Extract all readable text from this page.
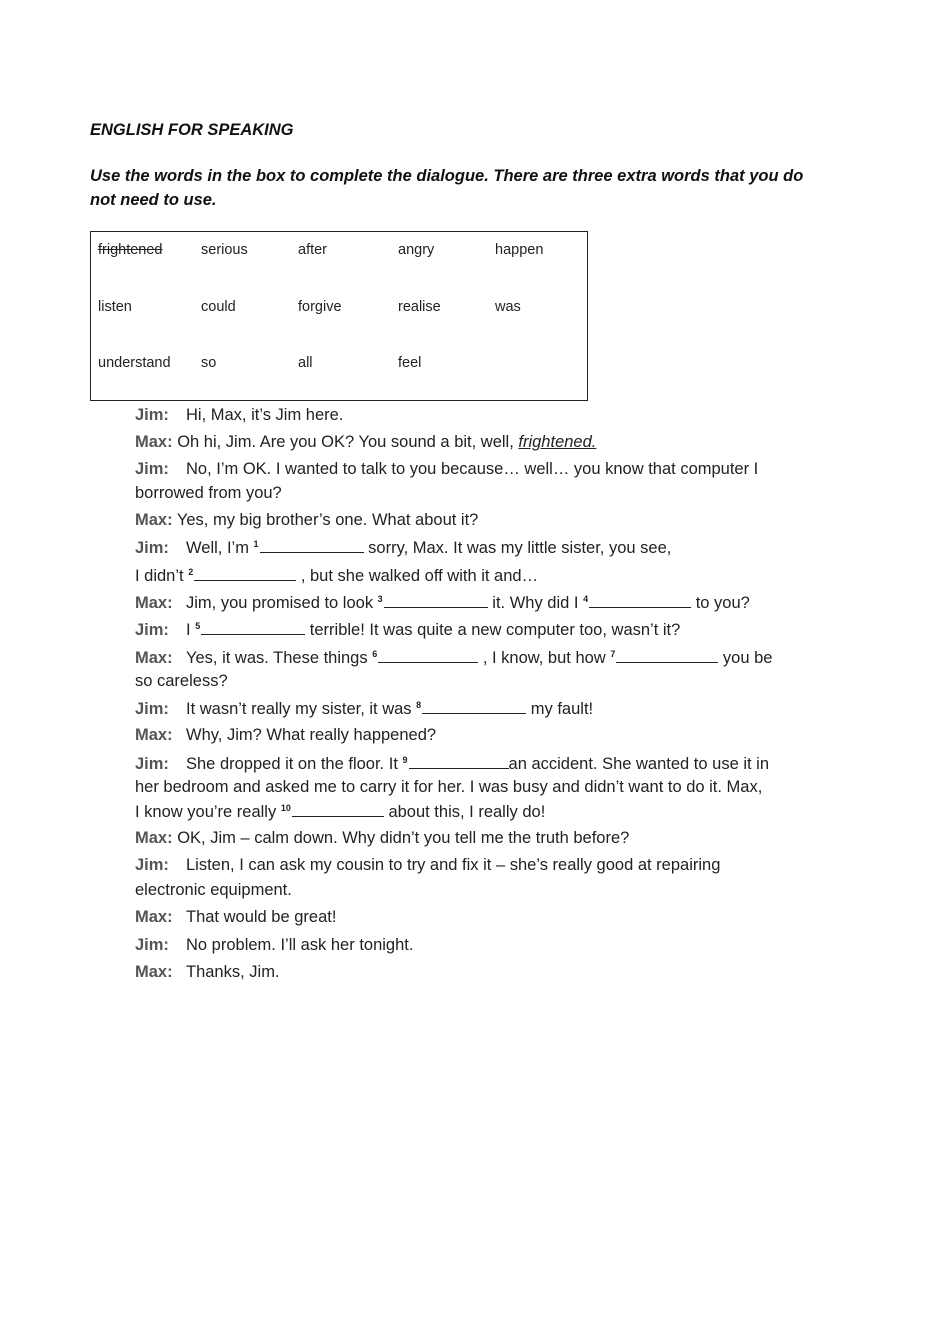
ENGLISH FOR SPEAKING
Use the words in the box to complete the dialogue. There are three extra words that you do not need to use.
frightened	serious	after	angry	happen
listen	could	forgive	realise	was
understand so	all	feel
Jim: Hi, Max, it’s Jim here.
Max: Oh hi, Jim. Are you OK? You sound a bit, well, frightened.
Jim: No, I’m OK. I wanted to talk to you because… well… you know that computer I
borrowed from you?
Max: Yes, my big brother’s one. What about it?
Jim: Well, I’m $^1$	sorry, Max. It was my little sister, you see,
I didn’t $^2$	, but she walked off with it and…
Max: Jim, you promised to look $^3$	it. Why did I $^4$	to you?
Jim: I $^5$	terrible! It was quite a new computer too, wasn’t it?
Max: Yes, it was. These things $^6$	, I know, but how $^7$	you be
so careless?
Jim: It wasn’t really my sister, it was $^8$	my fault!
Max: Why, Jim? What really happened?
Jim: She dropped it on the floor. It $^9$	an accident. She wanted to use it in
her bedroom and asked me to carry it for her. I was busy and didn’t want to do it. Max,
I know you’re really $^{10}$	about this, I really do!
Max: OK, Jim – calm down. Why didn’t you tell me the truth before?
Jim: Listen, I can ask my cousin to try and fix it – she’s really good at repairing
electronic equipment.
Max: That would be great!
Jim: No problem. I’ll ask her tonight.
Max: Thanks, Jim.
